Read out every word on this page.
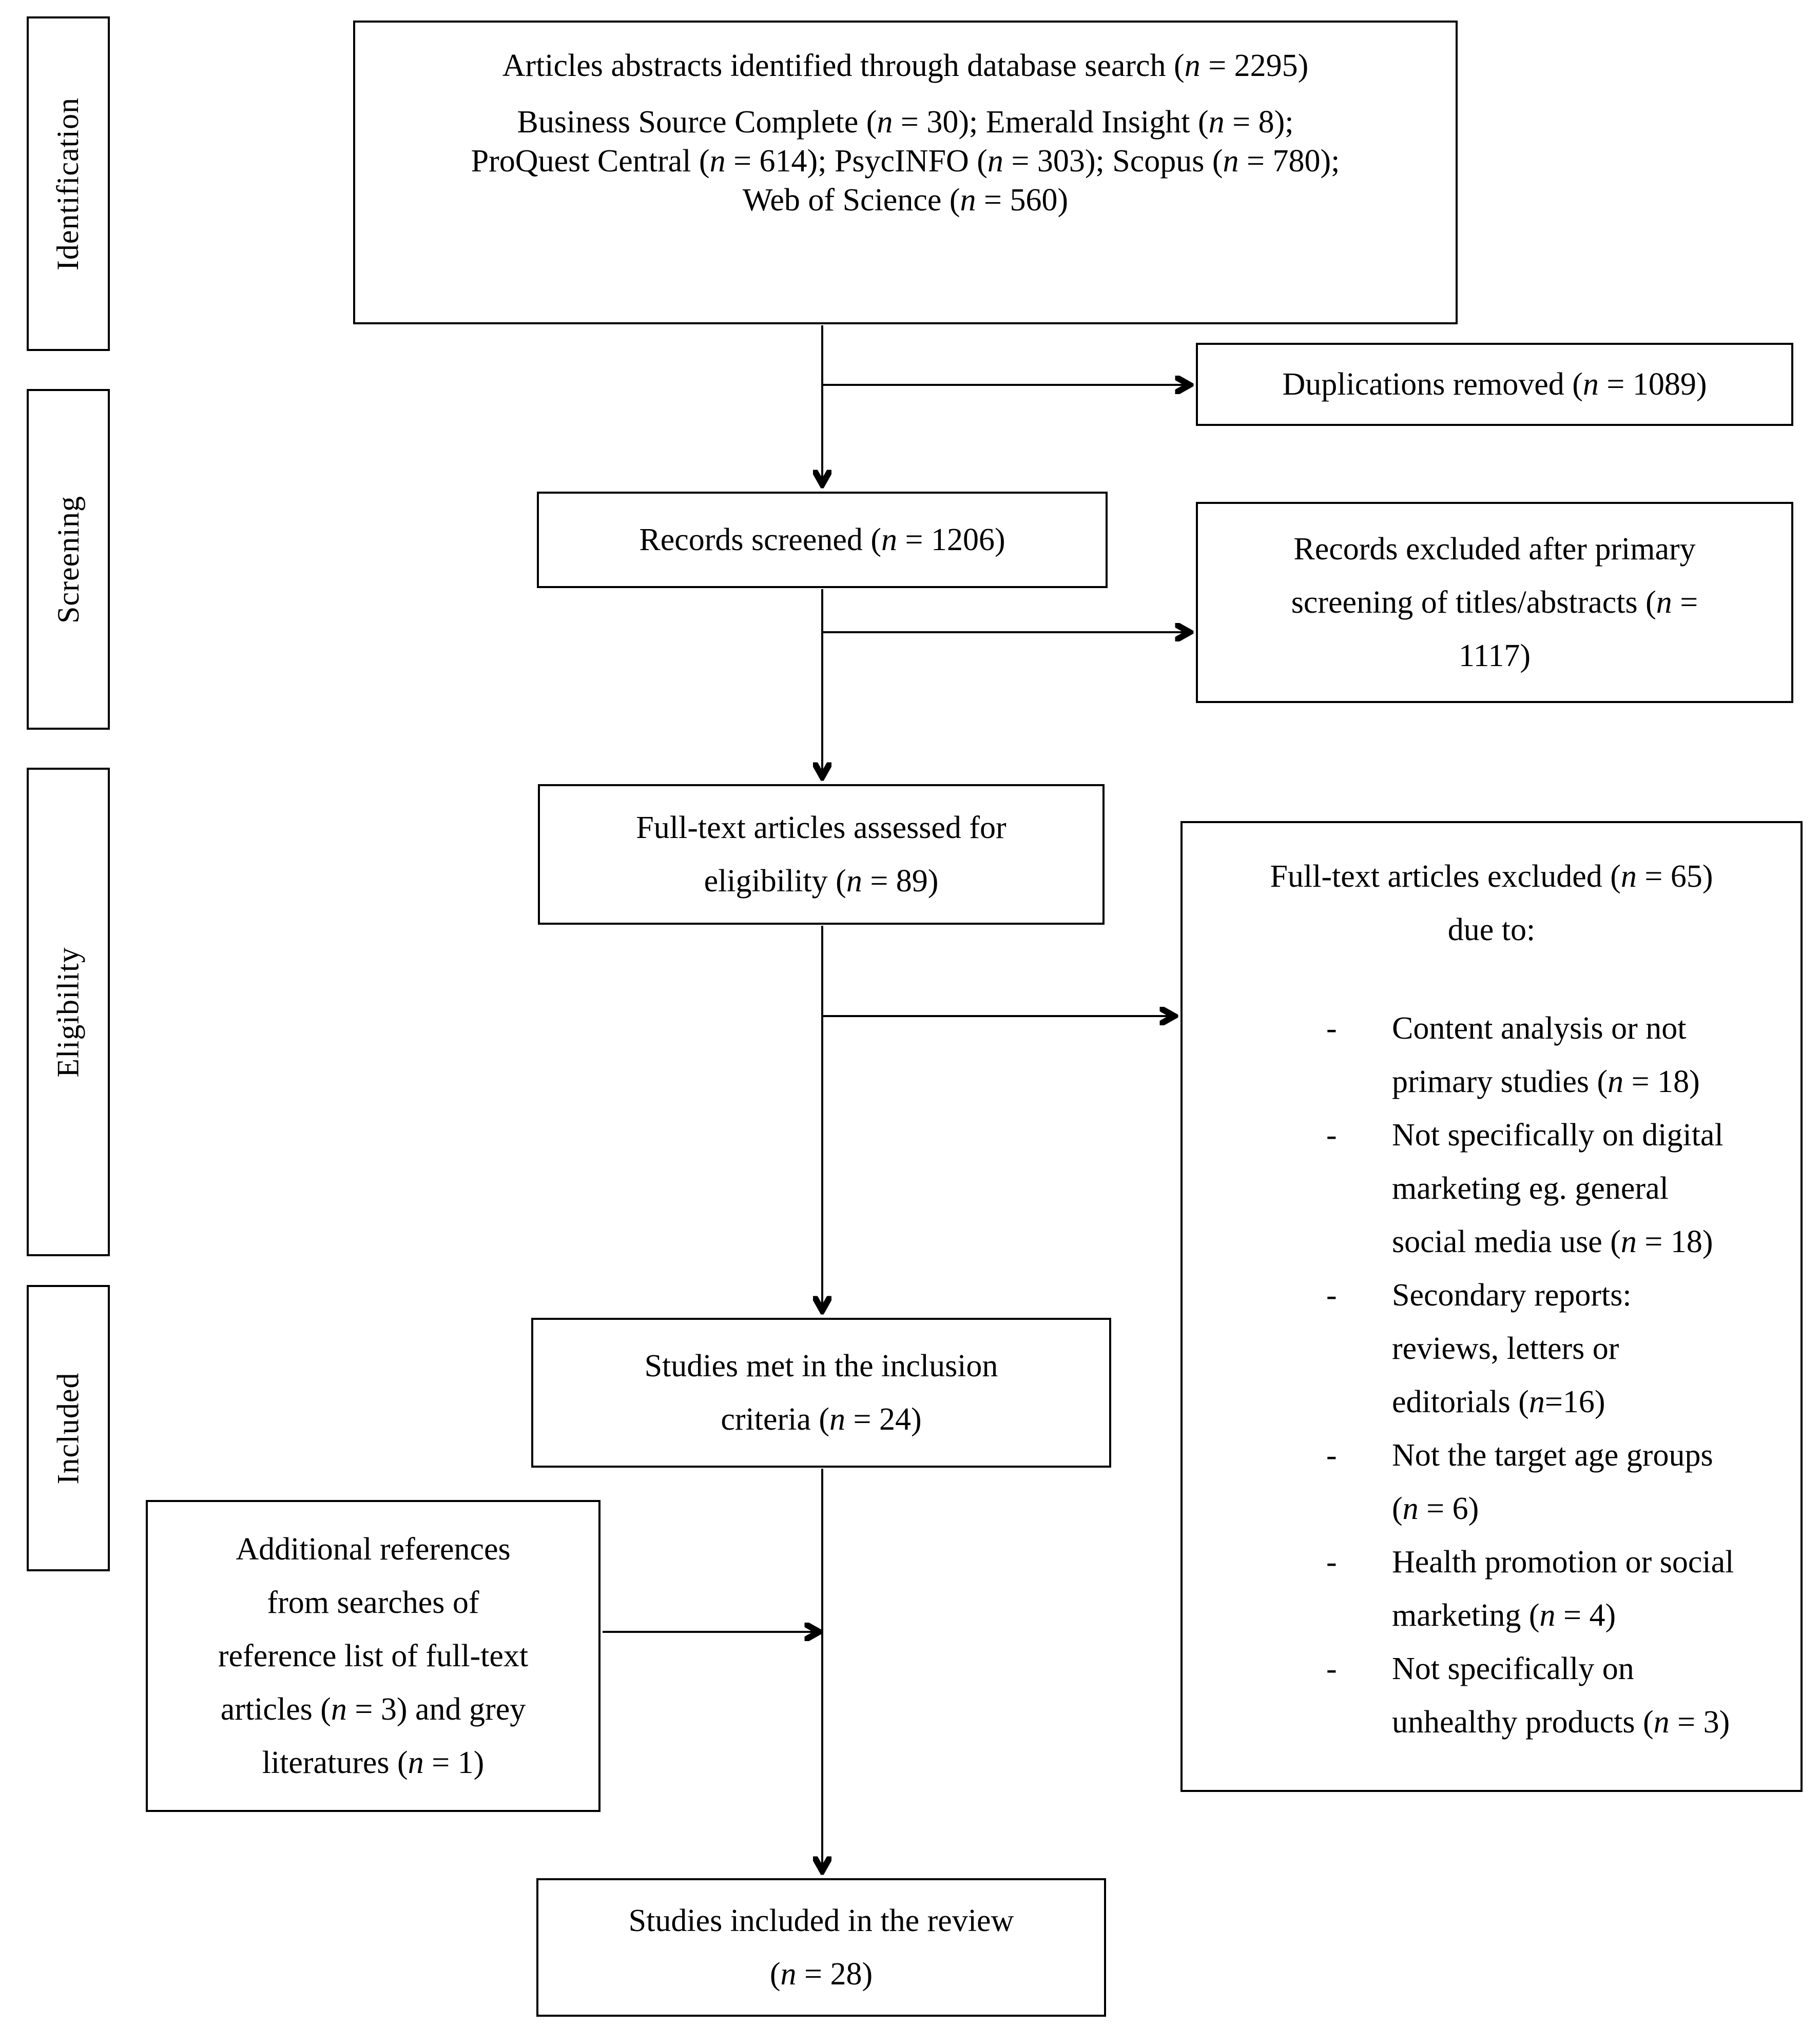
Identification
Screening
Eligibility
Included
Articles abstracts identified through database search (n = 2295)
Business Source Complete (n = 30); Emerald Insight (n = 8);
ProQuest Central (n = 614); PsycINFO (n = 303); Scopus (n = 780);
Web of Science (n = 560)
Duplications removed (n = 1089)
Records screened (n = 1206)	Records excluded after primary
screening of titles/abstracts (n =
1117)
Full-text articles assessed for
eligibility (n = 89)	Full-text articles excluded (n = 65)
due to:
-	Content analysis or not
primary studies (n = 18)
-	Not specifically on digital
marketing eg. general
social media use (n = 18)
-	Secondary reports:
reviews, letters or
editorials (n=16)
-	Not the target age groups
(n = 6)
-	Health promotion or social
marketing (n = 4)
-	Not specifically on
unhealthy products (n = 3)
Studies met in the inclusion
criteria (n = 24)
Additional references
from searches of
reference list of full-text
articles (n = 3) and grey
literatures (n = 1)
Studies included in the review
(n = 28)
